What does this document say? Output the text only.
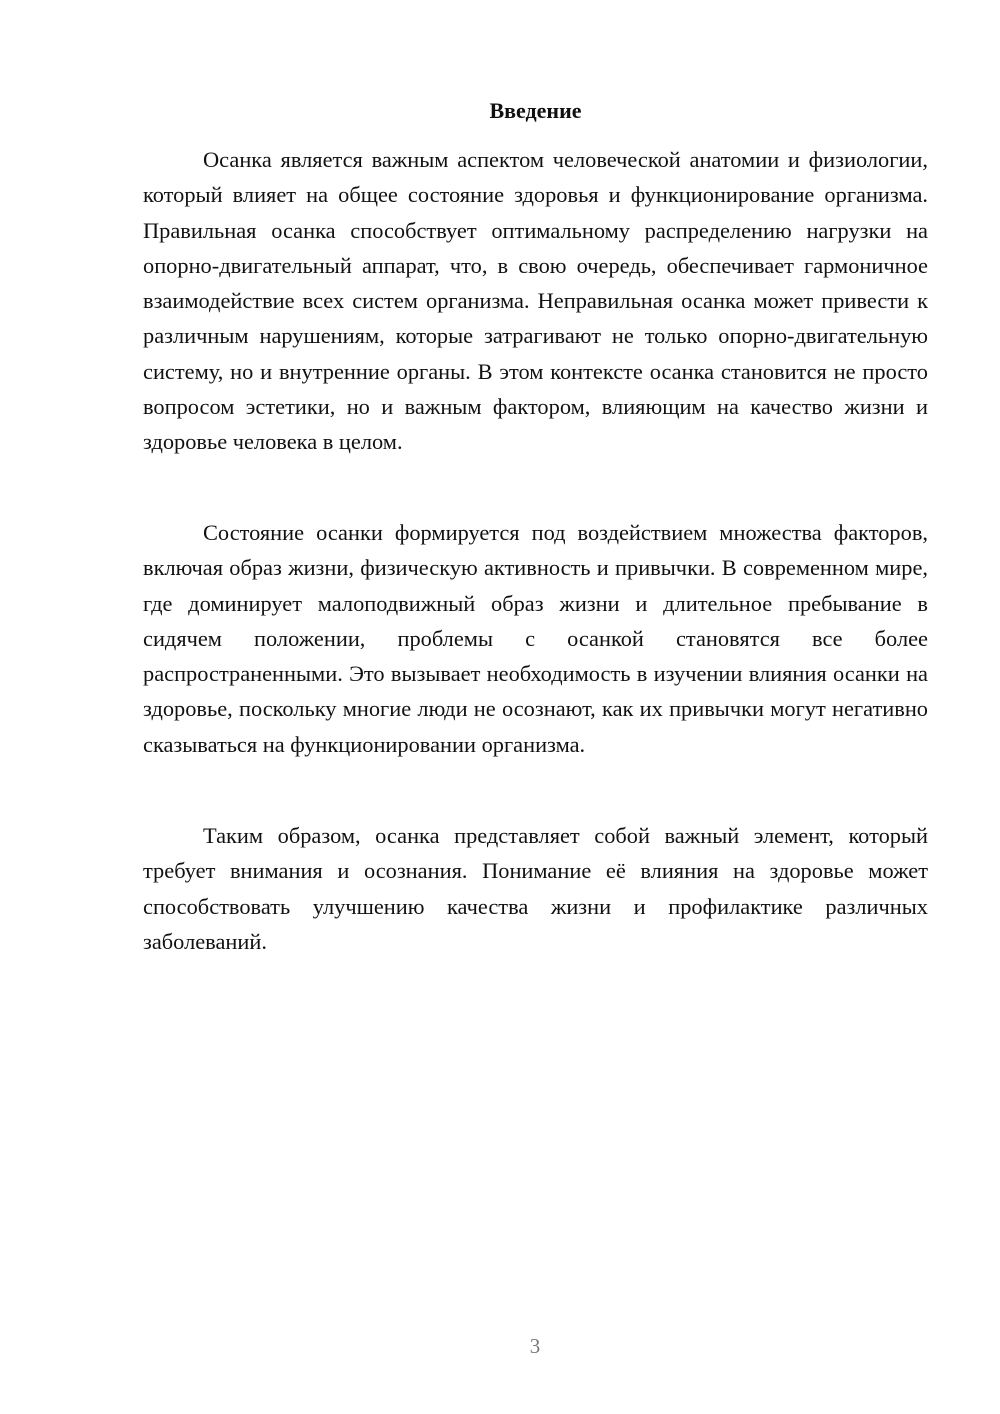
Введение

Осанка является важным аспектом человеческой анатомии и физиологии, который влияет на общее состояние здоровья и функционирование организма. Правильная осанка способствует оптимальному распределению нагрузки на опорно-двигательный аппарат, что, в свою очередь, обеспечивает гармоничное взаимодействие всех систем организма. Неправильная осанка может привести к различным нарушениям, которые затрагивают не только опорно-двигательную систему, но и внутренние органы. В этом контексте осанка становится не просто вопросом эстетики, но и важным фактором, влияющим на качество жизни и здоровье человека в целом.

Состояние осанки формируется под воздействием множества факторов, включая образ жизни, физическую активность и привычки. В современном мире, где доминирует малоподвижный образ жизни и длительное пребывание в сидячем положении, проблемы с осанкой становятся все более распространенными. Это вызывает необходимость в изучении влияния осанки на здоровье, поскольку многие люди не осознают, как их привычки могут негативно сказываться на функционировании организма.

Таким образом, осанка представляет собой важный элемент, который требует внимания и осознания. Понимание её влияния на здоровье может способствовать улучшению качества жизни и профилактике различных заболеваний.

3
